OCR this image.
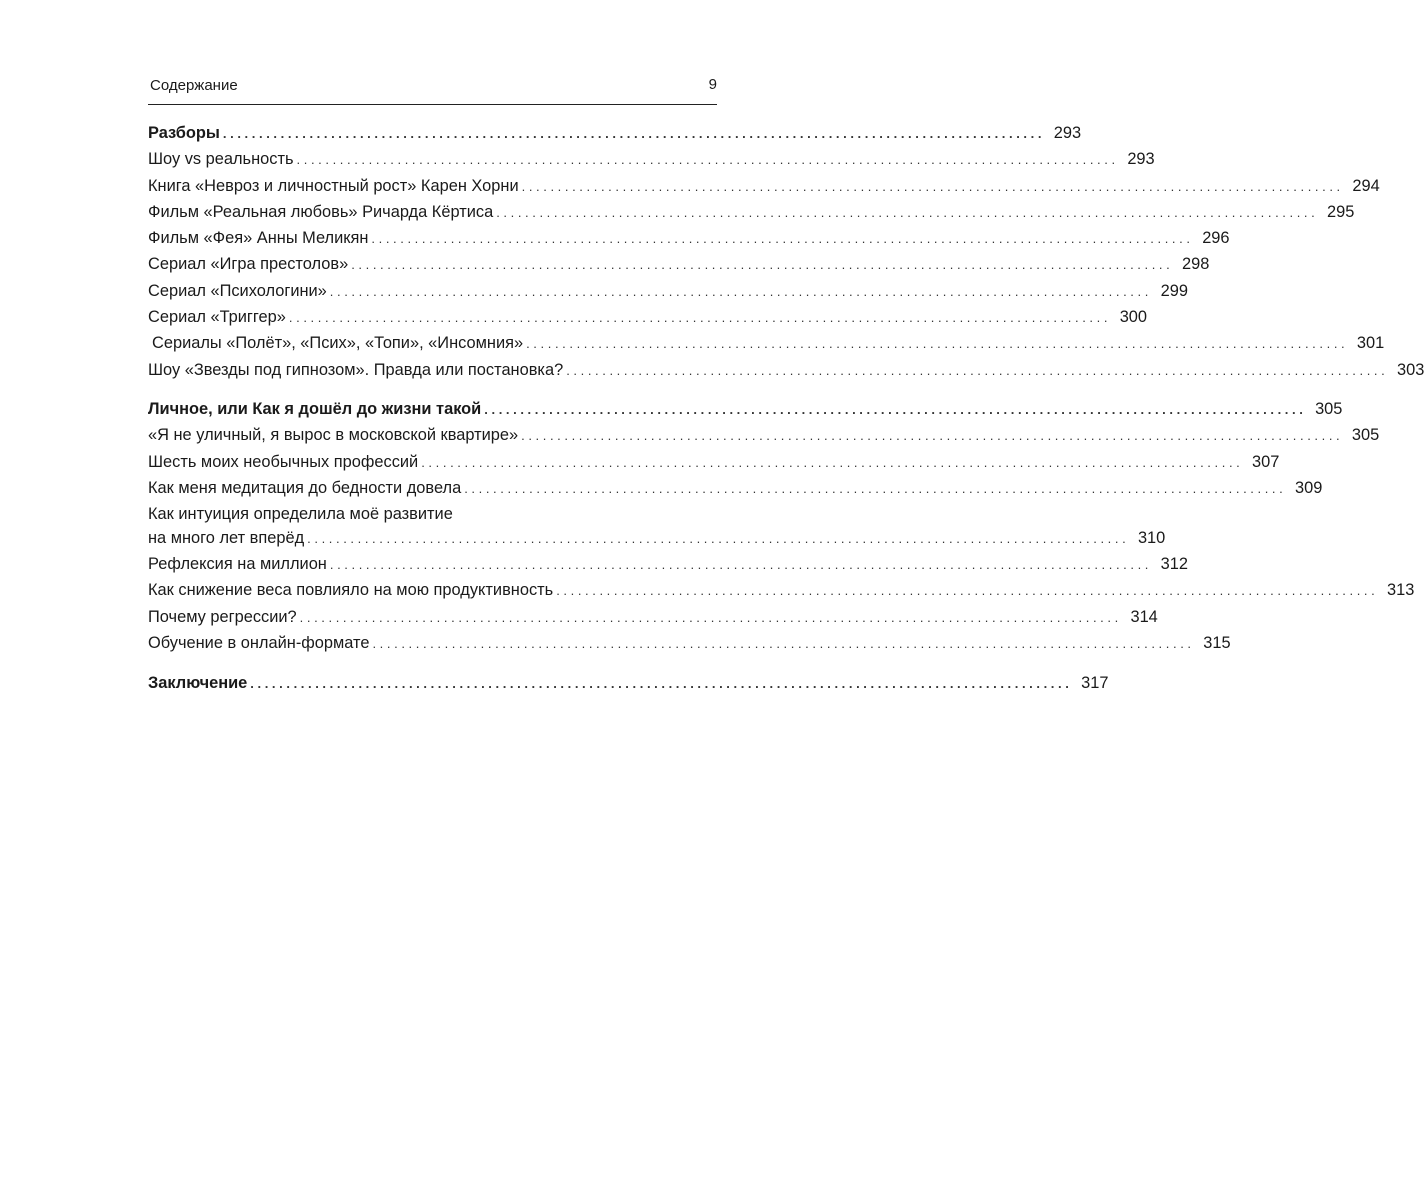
Содержание	9
Разборы .................................................................................................................. 293
Шоу vs реальность .................................................................................................................. 293
Книга «Невроз и личностный рост» Карен Хорни .................................................................................................................. 294
Фильм «Реальная любовь» Ричарда Кёртиса .................................................................................................................. 295
Фильм «Фея» Анны Меликян .................................................................................................................. 296
Сериал «Игра престолов» .................................................................................................................. 298
Сериал «Психологини» .................................................................................................................. 299
Сериал «Триггер» .................................................................................................................. 300
Сериалы «Полёт», «Псих», «Топи», «Инсомния» .................................................................................................................. 301
Шоу «Звезды под гипнозом». Правда или постановка? .................................................................................................................. 303
Личное, или Как я дошёл до жизни такой .................................................................................................................. 305
«Я не уличный, я вырос в московской квартире» .................................................................................................................. 305
Шесть моих необычных профессий .................................................................................................................. 307
Как меня медитация до бедности довела .................................................................................................................. 309
Как интуиция определила моё развитие
на много лет вперёд .................................................................................................................. 310
Рефлексия на миллион .................................................................................................................. 312
Как снижение веса повлияло на мою продуктивность .................................................................................................................. 313
Почему регрессии? .................................................................................................................. 314
Обучение в онлайн-формате .................................................................................................................. 315
Заключение .................................................................................................................. 317
